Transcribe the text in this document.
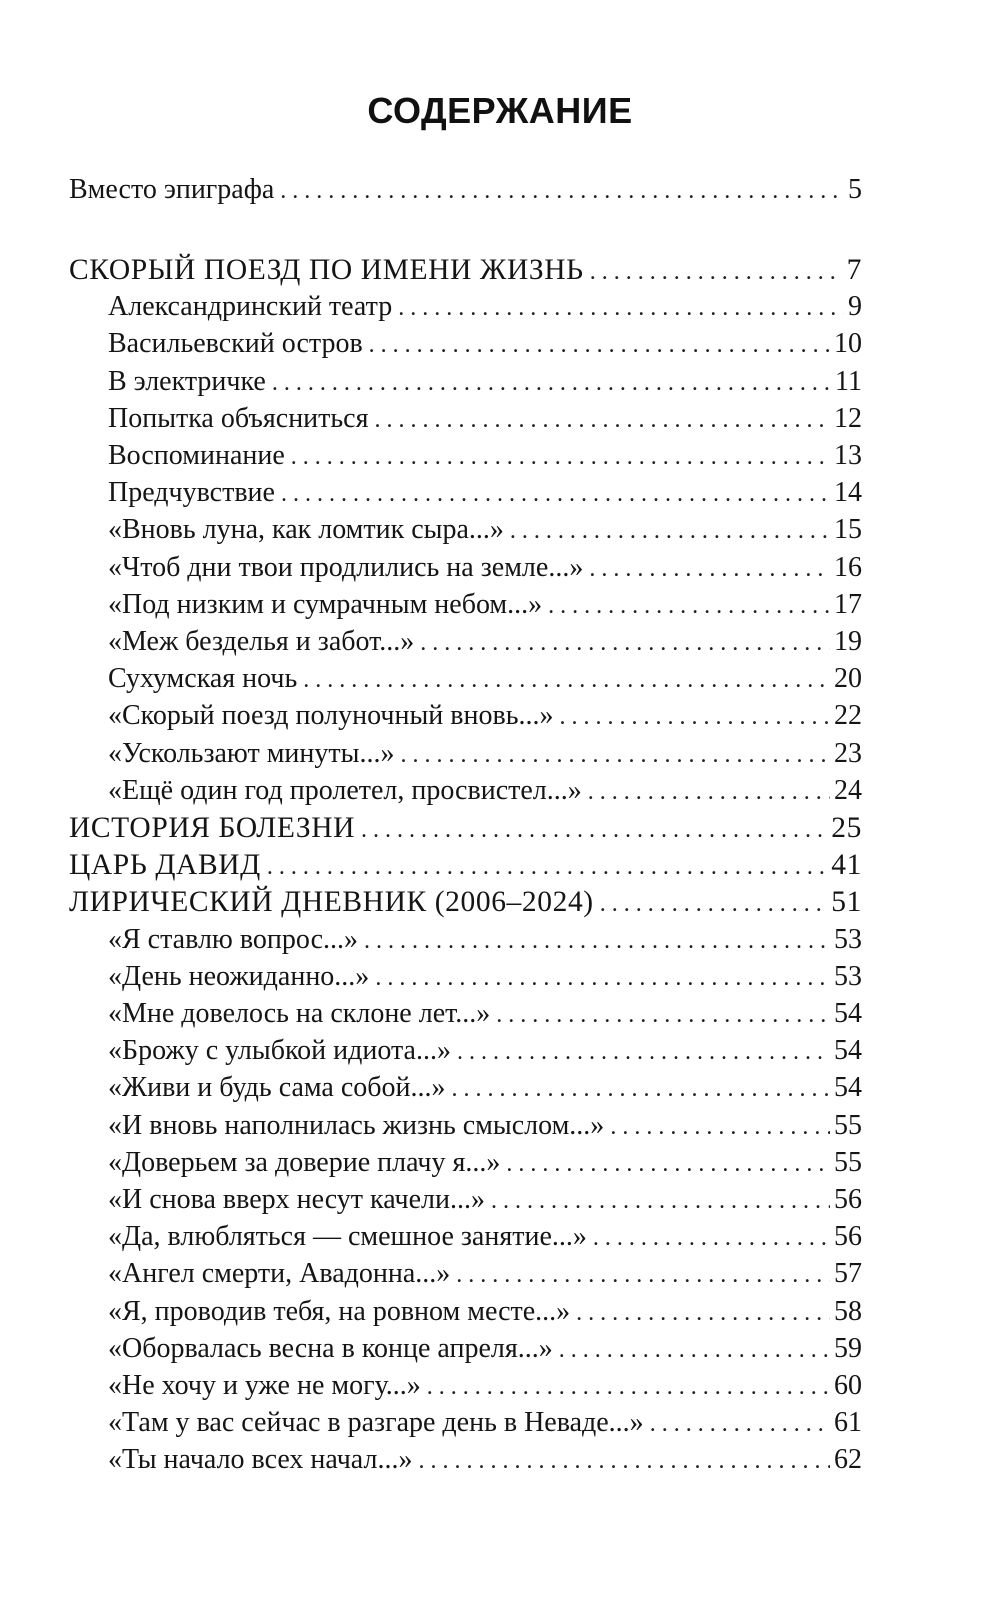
СОДЕРЖАНИЕ
Вместо эпиграфа . . .	5
СКОРЫЙ ПОЕЗД ПО ИМЕНИ ЖИЗНЬ . . .	7
Александринский театр . . .	9
Васильевский остров . . .	10
В электричке . . .	11
Попытка объясниться . . .	12
Воспоминание . . .	13
Предчувствие . . .	14
«Вновь луна, как ломтик сыра...» . . .	15
«Чтоб дни твои продлились на земле...» . . .	16
«Под низким и сумрачным небом...» . . .	17
«Меж безделья и забот...» . . .	19
Сухумская ночь . . .	20
«Скорый поезд полуночный вновь...» . . .	22
«Ускользают минуты...» . . .	23
«Ещё один год пролетел, просвистел...» . . .	24
ИСТОРИЯ БОЛЕЗНИ . . .	25
ЦАРЬ ДАВИД . . .	41
ЛИРИЧЕСКИЙ ДНЕВНИК (2006–2024) . . .	51
«Я ставлю вопрос...» . . .	53
«День неожиданно...» . . .	53
«Мне довелось на склоне лет...» . . .	54
«Брожу с улыбкой идиота...» . . .	54
«Живи и будь сама собой...» . . .	54
«И вновь наполнилась жизнь смыслом...» . . .	55
«Доверьем за доверие плачу я...» . . .	55
«И снова вверх несут качели...» . . .	56
«Да, влюбляться — смешное занятие...» . . .	56
«Ангел смерти, Авадонна...» . . .	57
«Я, проводив тебя, на ровном месте...» . . .	58
«Оборвалась весна в конце апреля...» . . .	59
«Не хочу и уже не могу...» . . .	60
«Там у вас сейчас в разгаре день в Неваде...» . . .	61
«Ты начало всех начал...» . . .	62
